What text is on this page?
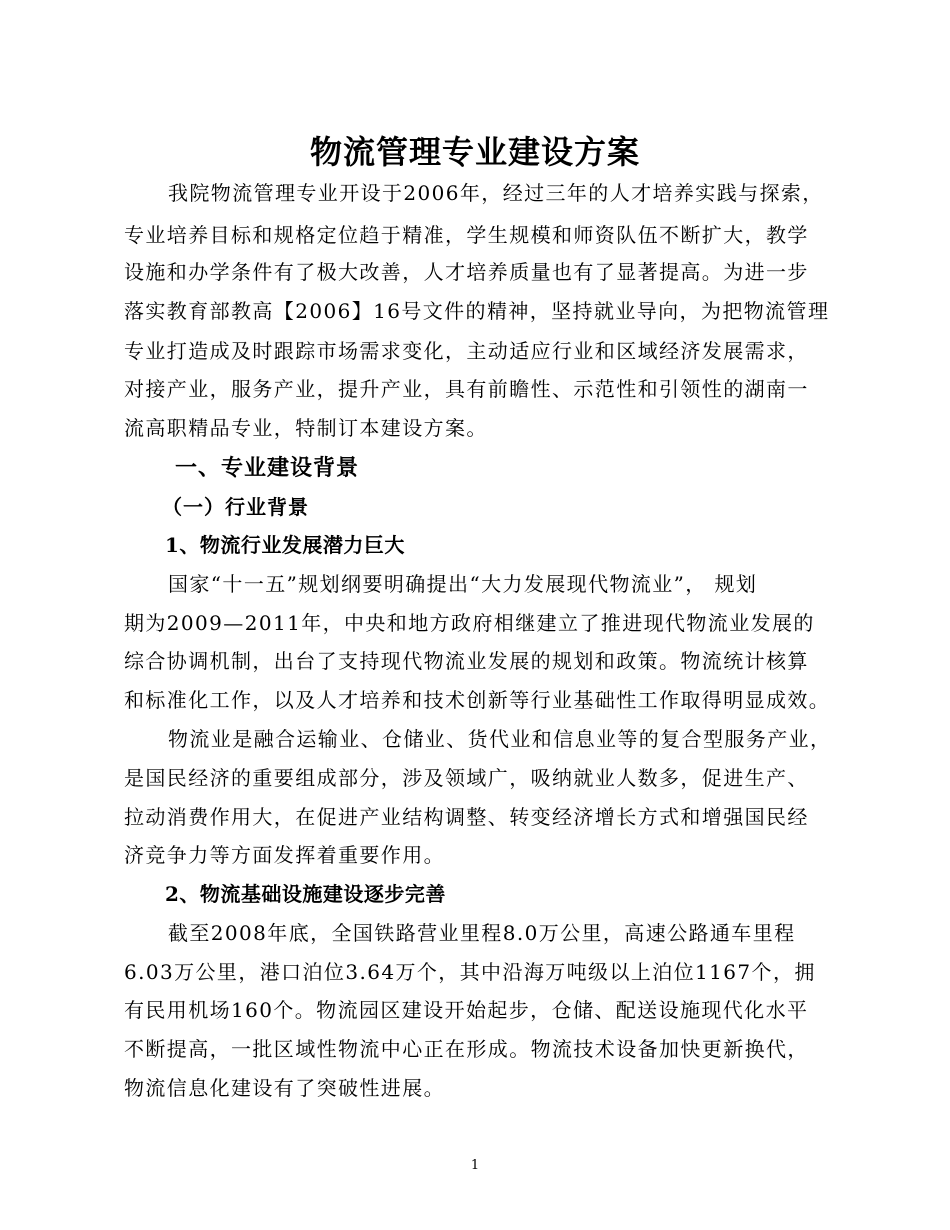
物流管理专业建设方案
我院物流管理专业开设于2006年，经过三年的人才培养实践与探索，
专业培养目标和规格定位趋于精准，学生规模和师资队伍不断扩大，教学
设施和办学条件有了极大改善，人才培养质量也有了显著提高。为进一步
落实教育部教高【2006】16号文件的精神，坚持就业导向，为把物流管理
专业打造成及时跟踪市场需求变化，主动适应行业和区域经济发展需求，
对接产业，服务产业，提升产业，具有前瞻性、示范性和引领性的湖南一
流高职精品专业，特制订本建设方案。
一、专业建设背景
（一）行业背景
1、物流行业发展潜力巨大
国家“十一五”规划纲要明确提出“大力发展现代物流业”， 规划
期为2009—2011年，中央和地方政府相继建立了推进现代物流业发展的
综合协调机制，出台了支持现代物流业发展的规划和政策。物流统计核算
和标准化工作，以及人才培养和技术创新等行业基础性工作取得明显成效。
物流业是融合运输业、仓储业、货代业和信息业等的复合型服务产业，
是国民经济的重要组成部分，涉及领域广，吸纳就业人数多，促进生产、
拉动消费作用大，在促进产业结构调整、转变经济增长方式和增强国民经
济竞争力等方面发挥着重要作用。
2、物流基础设施建设逐步完善
截至2008年底，全国铁路营业里程8.0万公里，高速公路通车里程
6.03万公里，港口泊位3.64万个，其中沿海万吨级以上泊位1167个，拥
有民用机场160个。物流园区建设开始起步，仓储、配送设施现代化水平
不断提高，一批区域性物流中心正在形成。物流技术设备加快更新换代，
物流信息化建设有了突破性进展。
1
